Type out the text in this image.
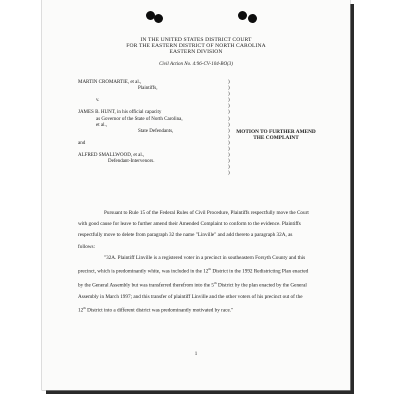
IN THE UNITED STATES DISTRICT COURT
FOR THE EASTERN DISTRICT OF NORTH CAROLINA
EASTERN DIVISION
Civil Action No. 4:96-CV-104-BO(3)
MARTIN CROMARTIE, et al.,
Plaintiffs,

v.

JAMES B. HUNT, in his official capacity
as Governor of the State of North Carolina,
et al.,
State Defendants,

and

ALFRED SMALLWOOD, et al.,
Defendant-Intervenors.
)
)
)
)
)
)
)
)
)
)
)
)
)
)
)
)
MOTION TO FURTHER AMEND
THE COMPLAINT

Pursuant to Rule 15 of the Federal Rules of Civil Procedure, Plaintiffs respectfully move the Court with good cause for leave to further amend their Amended Complaint to conform to the evidence. Plaintiffs respectfully move to delete from paragraph 32 the name "Linville" and add thereto a paragraph 32A, as follows:

"32A. Plaintiff Linville is a registered voter in a precinct in southeastern Forsyth County and this precinct, which is predominantly white, was included in the 12th District in the 1992 Redistricting Plan enacted by the General Assembly but was transferred therefrom into the 5th District by the plan enacted by the General Assembly in March 1997; and this transfer of plaintiff Linville and the other voters of his precinct out of the 12th District into a different district was predominantly motivated by race."

1
